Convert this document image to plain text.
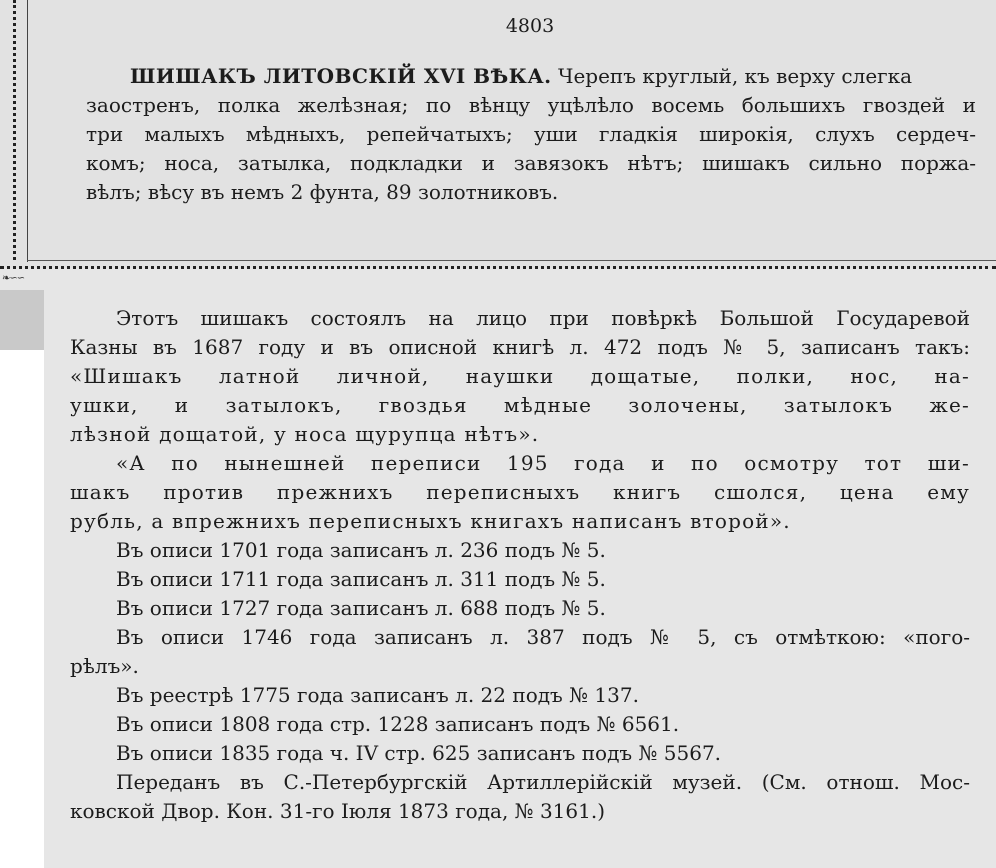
❧∽∽
4803
ШИШАКЪ ЛИТОВСКІЙ XVI ВѢКА. Черепъ круглый, къ верху слегка
заостренъ, полка желѣзная; по вѣнцу уцѣлѣло восемь большихъ гвоздей и
три малыхъ мѣдныхъ, репейчатыхъ; уши гладкія широкія, слухъ сердеч-
комъ; носа, затылка, подкладки и завязокъ нѣтъ; шишакъ сильно поржа-
вѣлъ; вѣсу въ немъ 2 фунта, 89 золотниковъ.
Этотъ шишакъ состоялъ на лицо при повѣркѣ Большой Государевой
Казны въ 1687 году и въ описной книгѣ л. 472 подъ № 5, записанъ такъ:
«Шишакъ латной личной, наушки дощатые, полки, нос, на-
ушки, и затылокъ, гвоздья мѣдные золочены, затылокъ же-
лѣзной дощатой, у носа щурупца нѣтъ».
«А по нынешней переписи 195 года и по осмотру тот ши-
шакъ против прежнихъ переписныхъ книгъ сшолся, цена ему
рубль, а впрежнихъ переписныхъ книгахъ написанъ второй».
Въ описи 1701 года записанъ л. 236 подъ № 5.
Въ описи 1711 года записанъ л. 311 подъ № 5.
Въ описи 1727 года записанъ л. 688 подъ № 5.
Въ описи 1746 года записанъ л. 387 подъ № 5, съ отмѣткою: «пого-
рѣлъ».
Въ реестрѣ 1775 года записанъ л. 22 подъ № 137.
Въ описи 1808 года стр. 1228 записанъ подъ № 6561.
Въ описи 1835 года ч. IV стр. 625 записанъ подъ № 5567.
Переданъ въ С.-Петербургскій Артиллерійскій музей. (См. отнош. Мос-
ковской Двор. Кон. 31-го Іюля 1873 года, № 3161.)
